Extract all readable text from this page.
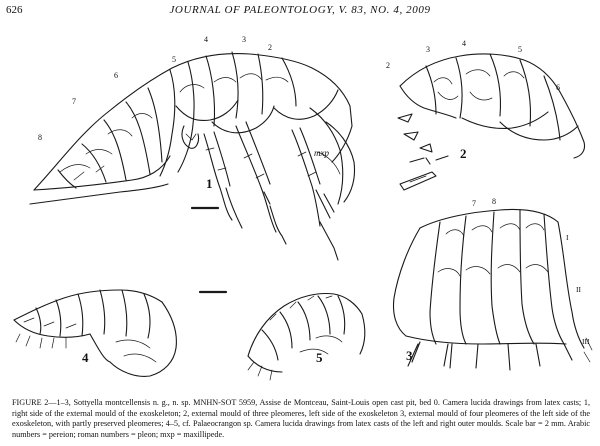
626	JOURNAL OF PALEONTOLOGY, V. 83, NO. 4, 2009
2
3
4
5
6
7
8
mxp
1
2
3
4
5
6
2
7 8
I
II
III
3
4	5
FIGURE 2—1–3, Sottyella montcellensis n. g., n. sp. MNHN-SOT 5959, Assise de Montceau, Saint-Louis open cast pit, bed 0. Camera lucida drawings from latex casts; 1, right side of the external mould of the exoskeleton; 2, external mould of three pleomeres, left side of the exoskeleton 3, external mould of four pleomeres of the left side of the exoskeleton, with partly preserved pleomeres; 4–5, cf. Palaeocrangon sp. Camera lucida drawings from latex casts of the left and right outer moulds. Scale bar = 2 mm. Arabic numbers = pereion; roman numbers = pleon; mxp = maxillipede.
